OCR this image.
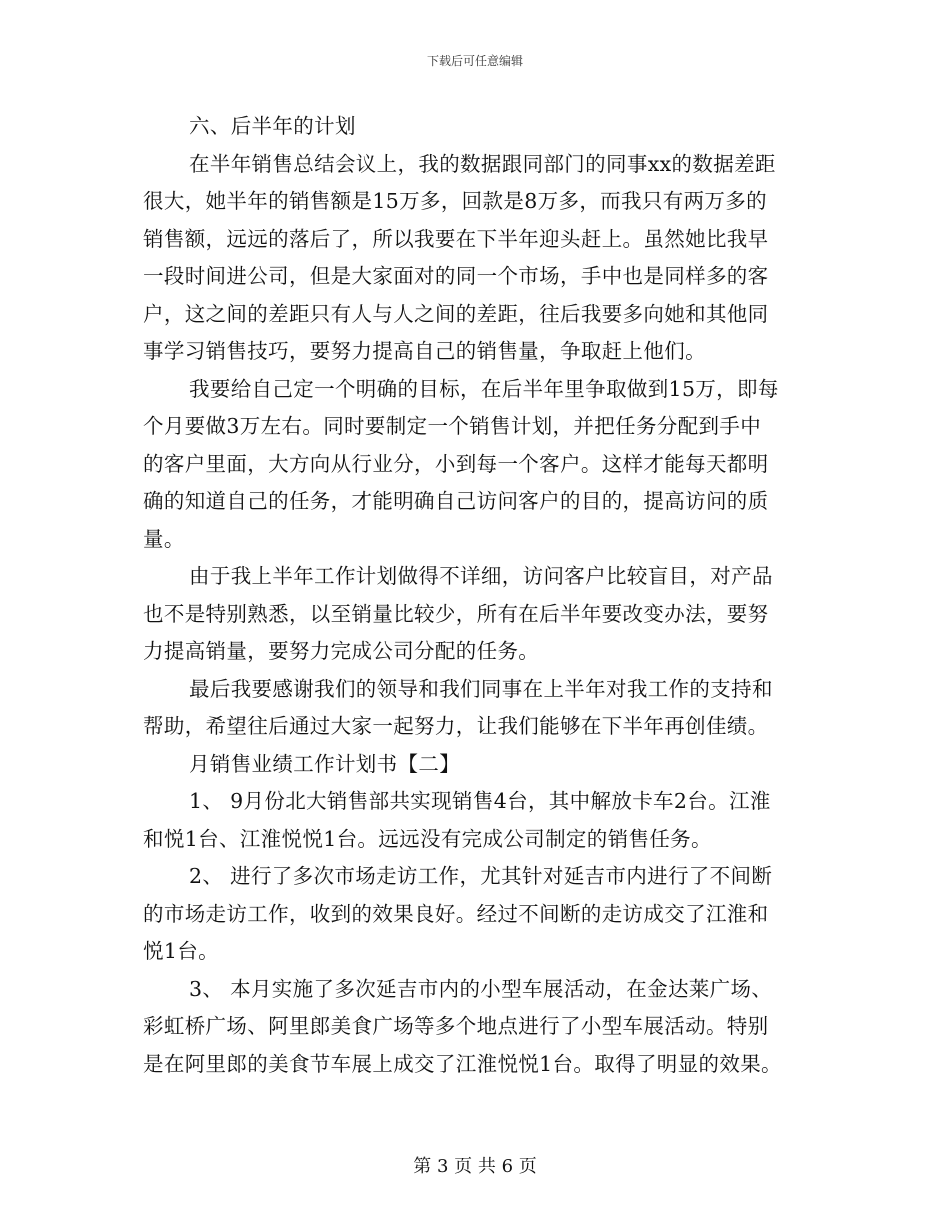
下载后可任意编辑
六、后半年的计划
在半年销售总结会议上，我的数据跟同部门的同事xx的数据差距
很大，她半年的销售额是15万多，回款是8万多，而我只有两万多的
销售额，远远的落后了，所以我要在下半年迎头赶上。虽然她比我早
一段时间进公司，但是大家面对的同一个市场，手中也是同样多的客
户，这之间的差距只有人与人之间的差距，往后我要多向她和其他同
事学习销售技巧，要努力提高自己的销售量，争取赶上他们。
我要给自己定一个明确的目标，在后半年里争取做到15万，即每
个月要做3万左右。同时要制定一个销售计划，并把任务分配到手中
的客户里面，大方向从行业分，小到每一个客户。这样才能每天都明
确的知道自己的任务，才能明确自己访问客户的目的，提高访问的质
量。
由于我上半年工作计划做得不详细，访问客户比较盲目，对产品
也不是特别熟悉，以至销量比较少，所有在后半年要改变办法，要努
力提高销量，要努力完成公司分配的任务。
最后我要感谢我们的领导和我们同事在上半年对我工作的支持和
帮助，希望往后通过大家一起努力，让我们能够在下半年再创佳绩。
月销售业绩工作计划书【二】
1、 9月份北大销售部共实现销售4台，其中解放卡车2台。江淮
和悦1台、江淮悦悦1台。远远没有完成公司制定的销售任务。
2、 进行了多次市场走访工作，尤其针对延吉市内进行了不间断
的市场走访工作，收到的效果良好。经过不间断的走访成交了江淮和
悦1台。
3、 本月实施了多次延吉市内的小型车展活动，在金达莱广场、
彩虹桥广场、阿里郎美食广场等多个地点进行了小型车展活动。特别
是在阿里郎的美食节车展上成交了江淮悦悦1台。取得了明显的效果。
第 3 页 共 6 页
